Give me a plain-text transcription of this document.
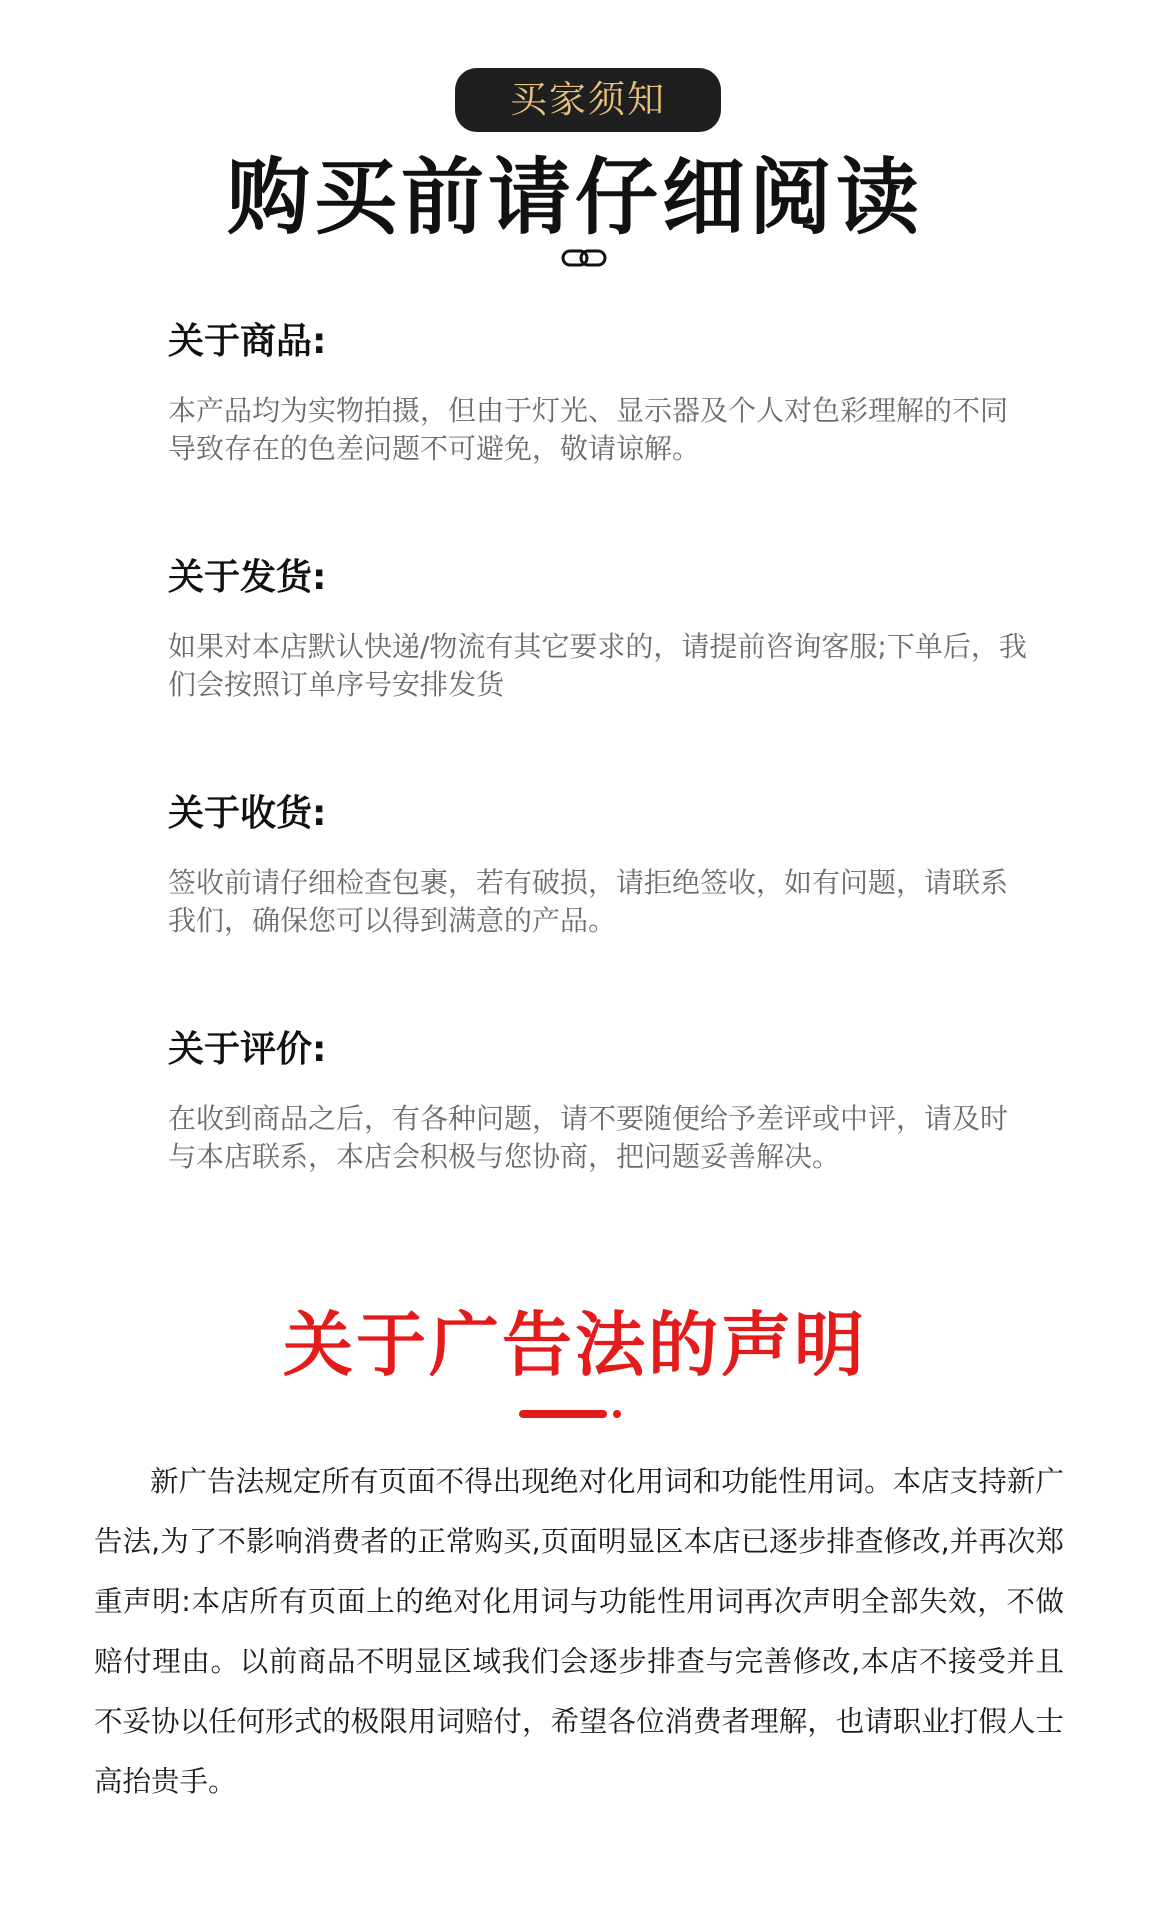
买家须知
购买前请仔细阅读
关于商品:
本产品均为实物拍摄，但由于灯光、显示器及个人对色彩理解的不同导致存在的色差问题不可避免，敬请谅解。
关于发货:
如果对本店默认快递/物流有其它要求的，请提前咨询客服;下单后，我们会按照订单序号安排发货
关于收货:
签收前请仔细检查包裹，若有破损，请拒绝签收，如有问题，请联系我们，确保您可以得到满意的产品。
关于评价:
在收到商品之后，有各种问题，请不要随便给予差评或中评，请及时与本店联系，本店会积极与您协商，把问题妥善解决。
关于广告法的声明
新广告法规定所有页面不得出现绝对化用词和功能性用词。本店支持新广告法,为了不影响消费者的正常购买,页面明显区本店已逐步排查修改,并再次郑重声明:本店所有页面上的绝对化用词与功能性用词再次声明全部失效，不做赔付理由。以前商品不明显区域我们会逐步排查与完善修改,本店不接受并且不妥协以任何形式的极限用词赔付，希望各位消费者理解，也请职业打假人士高抬贵手。
